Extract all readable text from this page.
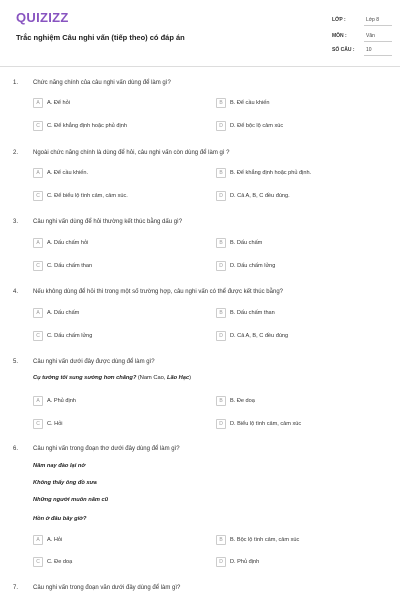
QUIZIZZ
Trắc nghiệm Câu nghi vấn (tiếp theo) có đáp án
LỚP :	Lớp 8
MÔN :	Văn
SỐ CÂU : 10
1. Chức năng chính của câu nghi vấn dùng để làm gì?
A	A. Để hỏi	B	B. Để cầu khiến
C	C. Để khẳng định hoặc phủ định	D	D. Để bộc lộ cảm xúc
2. Ngoài chức năng chính là dùng để hỏi, câu nghi vấn còn dùng để làm gì ?
A	A. Để cầu khiến.	B	B. Để khẳng định hoặc phủ định.
C	C. Để biểu lộ tình cảm, cảm xúc.	D	D. Cả A, B, C đều đúng.
3. Câu nghi vấn dùng để hỏi thường kết thúc bằng dấu gì?
A	A. Dấu chấm hỏi	B	B. Dấu chấm
C	C. Dấu chấm than	D	D. Dấu chấm lửng
4. Nếu không dùng để hỏi thì trong một số trường hợp, câu nghi vấn có thể được kết thúc bằng?
A	A. Dấu chấm	B	B. Dấu chấm than
C	C. Dấu chấm lửng	D	D. Cả A, B, C đều đúng
5. Câu nghi vấn dưới đây được dùng để làm gì?
Cụ tưởng tôi sung sướng hơn chăng? (Nam Cao, Lão Hạc)
A	A. Phủ định	B	B. Đe doạ
C	C. Hỏi	D	D. Biểu lộ tình cảm, cảm xúc
6. Câu nghi vấn trong đoạn thơ dưới đây dùng để làm gì?
Năm nay đào lại nở
Không thấy ông đồ xưa
Những người muôn năm cũ
Hồn ở đâu bây giờ?
A	A. Hỏi	B	B. Bộc lộ tình cảm, cảm xúc
C	C. Đe doạ	D	D. Phủ định
7. Câu nghi vấn trong đoạn văn dưới đây dùng để làm gì?
